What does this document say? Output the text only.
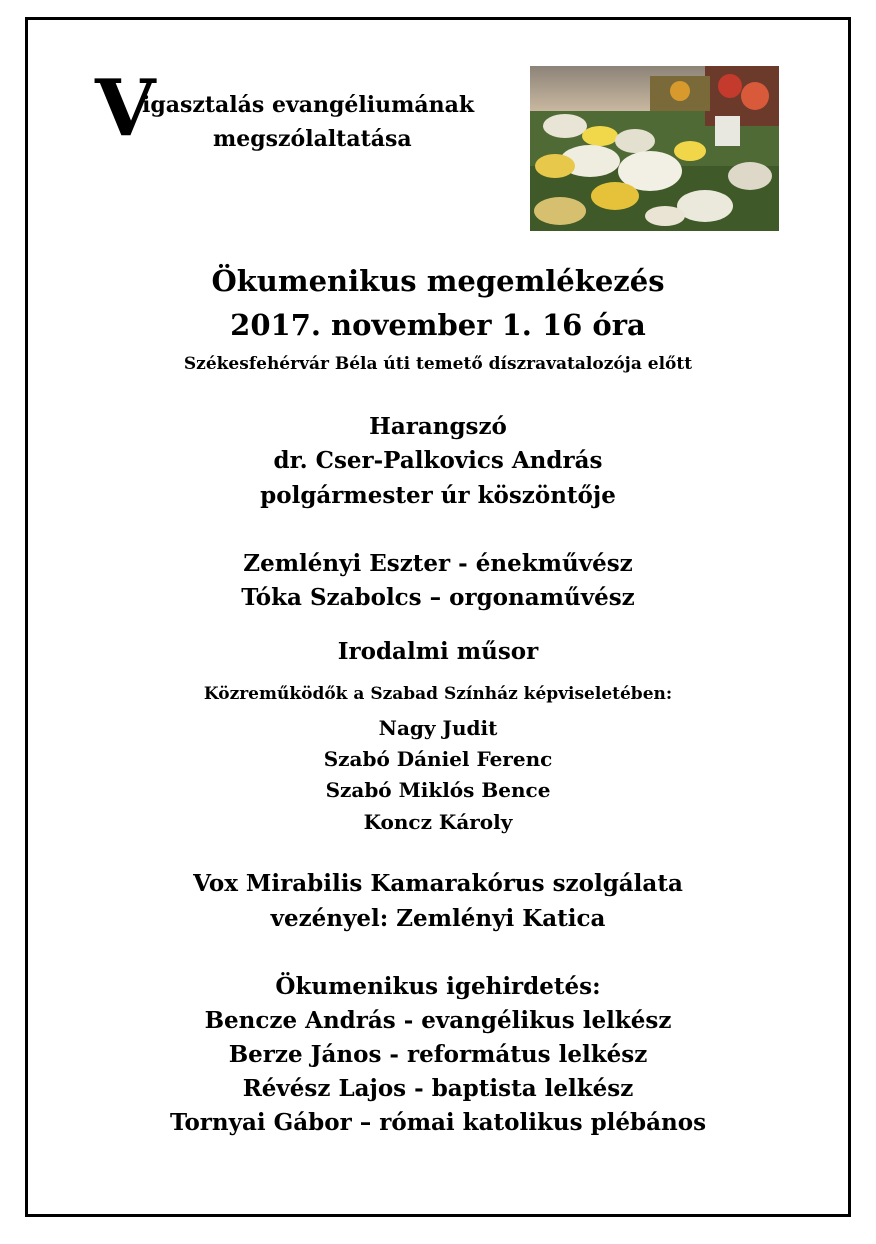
V
igasztalás evangéliumának
megszólaltatása
Ökumenikus megemlékezés
2017. november 1. 16 óra
Székesfehérvár Béla úti temető díszravatalozója előtt
Harangszó
dr. Cser-Palkovics András
polgármester úr köszöntője
Zemlényi Eszter - énekművész
Tóka Szabolcs – orgonaművész
Irodalmi műsor
Közreműködők a Szabad Színház képviseletében:
Nagy Judit
Szabó Dániel Ferenc
Szabó Miklós Bence
Koncz Károly
Vox Mirabilis Kamarakórus szolgálata
vezényel: Zemlényi Katica
Ökumenikus igehirdetés:
Bencze András - evangélikus lelkész
Berze János - református lelkész
Révész Lajos - baptista lelkész
Tornyai Gábor – római katolikus plébános
